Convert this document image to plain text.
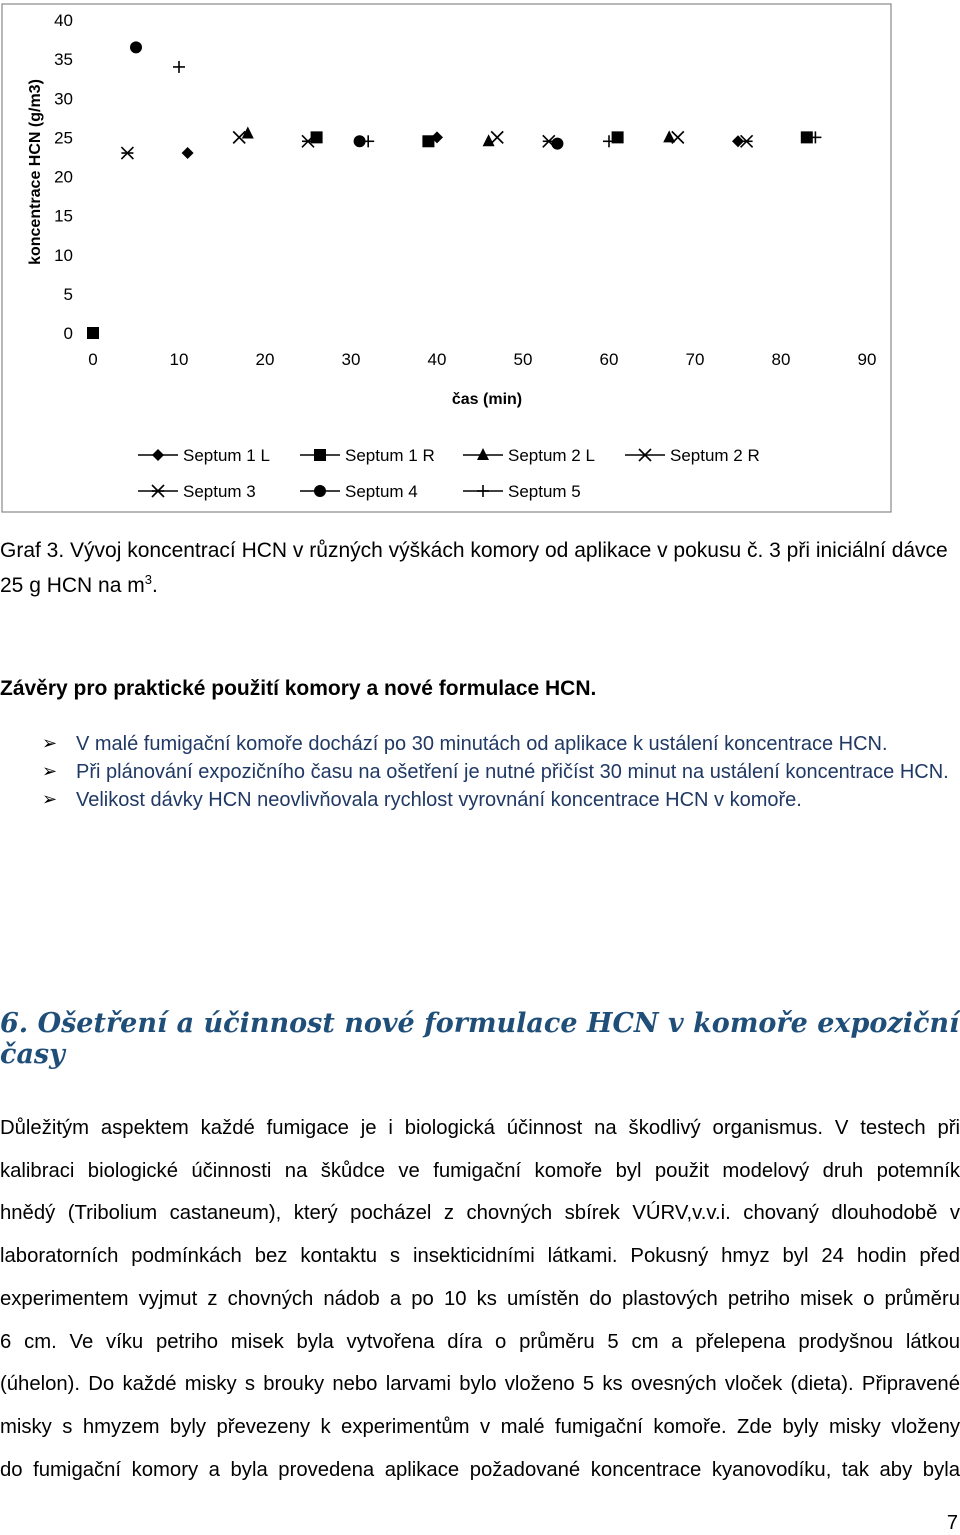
0
5
10
15
20
25
30
35
40
0	10	20	30	40	50	60	70	80	90
čas (min)
koncentrace HCN (g/m3)
Septum 1 L	Septum 1 R	Septum 2 L	Septum 2 R
Septum 3	Septum 4	Septum 5
Graf 3. Vývoj koncentrací HCN v různých výškách komory od aplikace v pokusu č. 3 při iniciální dávce
25 g HCN na $m^3$.
Závěry pro praktické použití komory a nové formulace HCN.
➢ V malé fumigační komoře dochází po 30 minutách od aplikace k ustálení koncentrace HCN.
➢ Při plánování expozičního času na ošetření je nutné přičíst 30 minut na ustálení koncentrace HCN.
➢ Velikost dávky HCN neovlivňovala rychlost vyrovnání koncentrace HCN v komoře.
6. Ošetření a účinnost nové formulace HCN v komoře expoziční časy
Důležitým aspektem každé fumigace je i biologická účinnost na škodlivý organismus. V testech při
kalibraci biologické účinnosti na škůdce ve fumigační komoře byl použit modelový druh potemník
hnědý (Tribolium castaneum), který pocházel z chovných sbírek VÚRV,v.v.i. chovaný dlouhodobě v
laboratorních podmínkách bez kontaktu s insekticidními látkami. Pokusný hmyz byl 24 hodin před
experimentem vyjmut z chovných nádob a po 10 ks umístěn do plastových petriho misek o průměru
6 cm. Ve víku petriho misek byla vytvořena díra o průměru 5 cm a přelepena prodyšnou látkou
(úhelon). Do každé misky s brouky nebo larvami bylo vloženo 5 ks ovesných vloček (dieta). Připravené
misky s hmyzem byly převezeny k experimentům v malé fumigační komoře. Zde byly misky vloženy
do fumigační komory a byla provedena aplikace požadované koncentrace kyanovodíku, tak aby byla
7
